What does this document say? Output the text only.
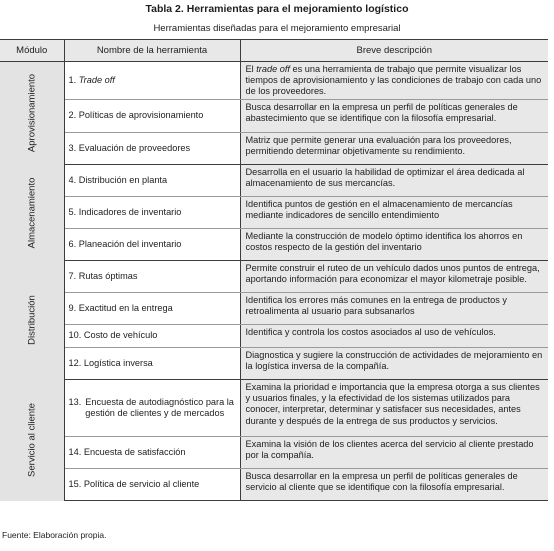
Tabla 2. Herramientas para el mejoramiento logístico
Herramientas diseñadas para el mejoramiento empresarial
Módulo	Nombre de la herramienta	Breve descripción

Aprovisionamiento	1. Trade off	El trade off es una herramienta de trabajo que permite visualizar los tiempos de aprovisionamiento y las condiciones de trabajo con cada uno de los proveedores.
	2. Políticas de aprovisionamiento	Busca desarrollar en la empresa un perfil de políticas generales de abastecimiento que se identifique con la filosofía empresarial.
	3. Evaluación de proveedores	Matriz que permite generar una evaluación para los proveedores, permitiendo determinar objetivamente su rendimiento.

Almacenamiento	4. Distribución en planta	Desarrolla en el usuario la habilidad de optimizar el área dedicada al almacenamiento de sus mercancías.
	5. Indicadores de inventario	Identifica puntos de gestión en el almacenamiento de mercancías mediante indicadores de sencillo entendimiento
	6. Planeación del inventario	Mediante la construcción de modelo óptimo identifica los ahorros en costos respecto de la gestión del inventario

Distribución	7. Rutas óptimas	Permite construir el ruteo de un vehículo dados unos puntos de entrega, aportando información para economizar el mayor kilometraje posible.
	9. Exactitud en la entrega	Identifica los errores más comunes en la entrega de productos y retroalimenta al usuario para subsanarlos
	10. Costo de vehículo	Identifica y controla los costos asociados al uso de vehículos.
	12. Logística inversa	Diagnostica y sugiere la construcción de actividades de mejoramiento en la logística inversa de la compañía.

Servicio al cliente	13. Encuesta de autodiagnóstico para la gestión de clientes y de mercados	Examina la prioridad e importancia que la empresa otorga a sus clientes y usuarios finales, y la efectividad de los sistemas utilizados para conocer, interpretar, determinar y satisfacer sus necesidades, antes durante y después de la entrega de sus productos y servicios.
	14. Encuesta de satisfacción	Examina la visión de los clientes acerca del servicio al cliente prestado por la compañía.
	15. Política de servicio al cliente	Busca desarrollar en la empresa un perfil de políticas generales de servicio al cliente que se identifique con la filosofía empresarial.
Fuente: Elaboración propia.
